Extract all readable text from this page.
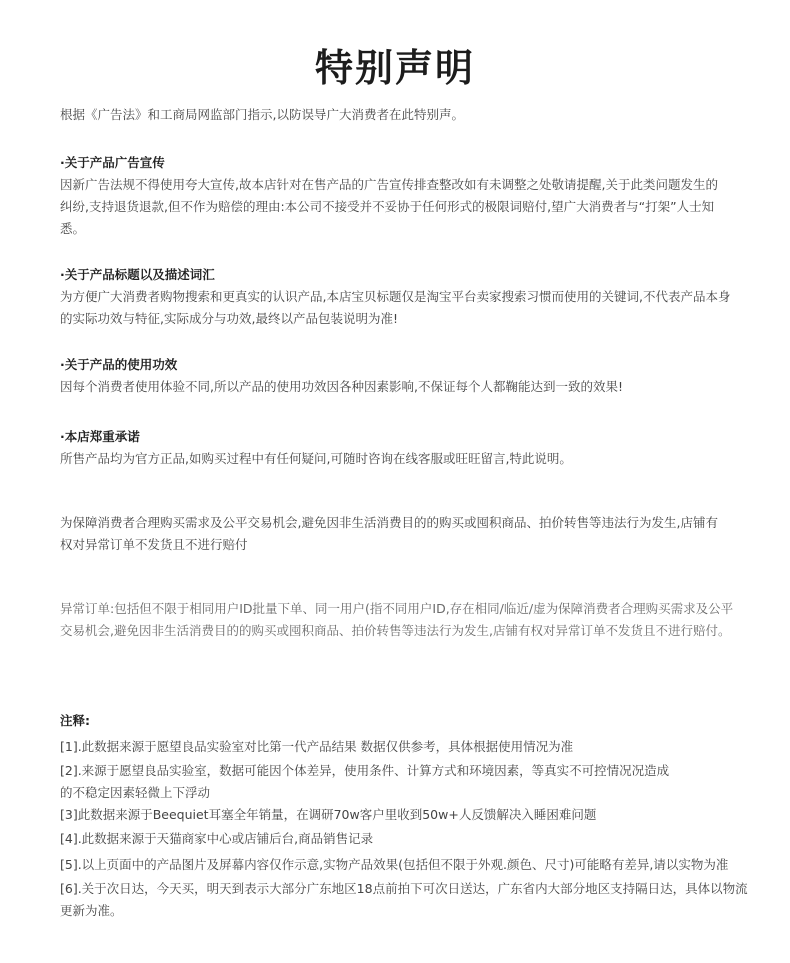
特别声明
根据《广告法》和工商局网监部门指示,以防误导广大消费者在此特别声。
·关于产品广告宣传
因新广告法规不得使用夸大宣传,故本店针对在售产品的广告宣传排查整改如有未调整之处敬请提醒,关于此类问题发生的纠纷,支持退货退款,但不作为赔偿的理由:本公司不接受并不妥协于任何形式的极限词赔付,望广大消费者与“打架”人士知悉。
·关于产品标题以及描述词汇
为方便广大消费者购物搜索和更真实的认识产品,本店宝贝标题仅是淘宝平台卖家搜索习惯而使用的关键词,不代表产品本身的实际功效与特征,实际成分与功效,最终以产品包装说明为准!
·关于产品的使用功效
因每个消费者使用体验不同,所以产品的使用功效因各种因素影响,不保证每个人都鞠能达到一致的效果!
·本店郑重承诺
所售产品均为官方正品,如购买过程中有任何疑问,可随时咨询在线客服或旺旺留言,特此说明。
为保障消费者合理购买需求及公平交易机会,避免因非生活消费目的的购买或囤积商品、拍价转售等违法行为发生,店铺有权对异常订单不发货且不进行赔付
异常订单:包括但不限于相同用户ID批量下单、同一用户(指不同用户ID,存在相同/临近/虚为保障消费者合理购买需求及公平交易机会,避免因非生活消费目的的购买或囤积商品、拍价转售等违法行为发生,店铺有权对异常订单不发货且不进行赔付。
注释:
[1].此数据来源于愿望良品实验室对比第一代产品结果 数据仅供参考，具体根据使用情况为准
[2].来源于愿望良品实验室，数据可能因个体差异，使用条件、计算方式和环境因素，等真实不可控情况况造成的不稳定因素轻微上下浮动
[3]此数据来源于Beequiet耳塞全年销量，在调研70w客户里收到50w+人反馈解决入睡困难问题
[4].此数据来源于天猫商家中心或店铺后台,商品销售记录
[5].以上页面中的产品图片及屏幕内容仅作示意,实物产品效果(包括但不限于外观.颜色、尺寸)可能略有差异,请以实物为准
[6].关于次日达，今天买，明天到表示大部分广东地区18点前拍下可次日送达，广东省内大部分地区支持隔日达，具体以物流更新为准。
